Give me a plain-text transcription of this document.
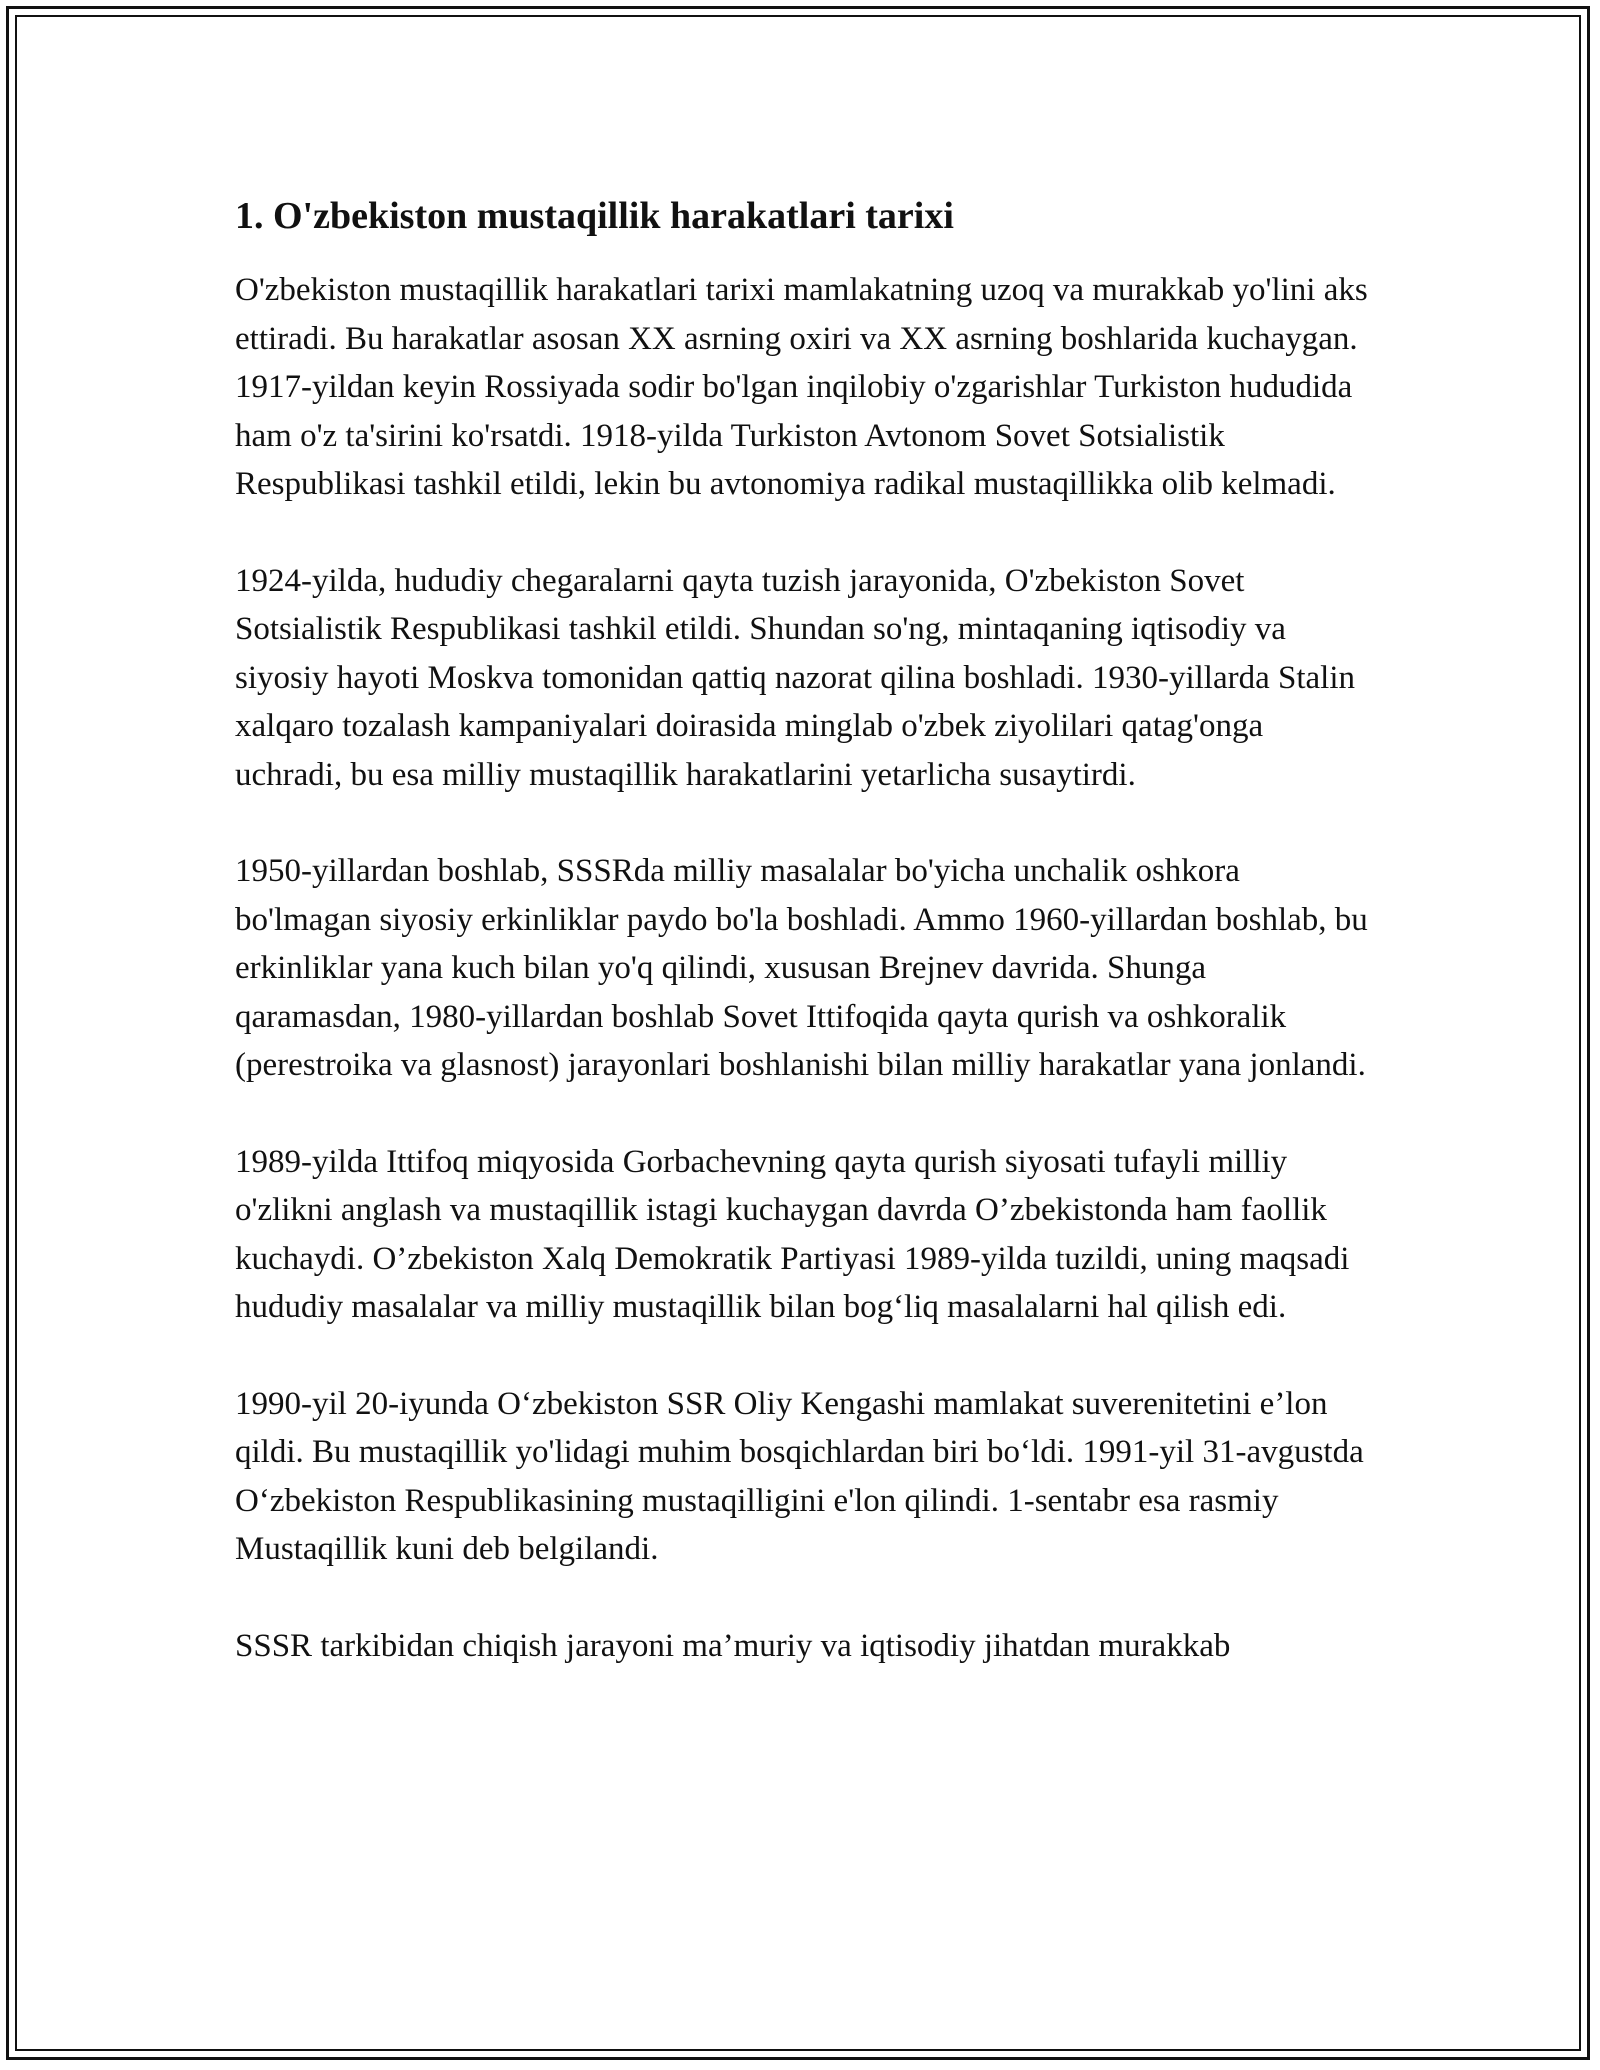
1. O'zbekiston mustaqillik harakatlari tarixi

O'zbekiston mustaqillik harakatlari tarixi mamlakatning uzoq va murakkab yo'lini aks ettiradi. Bu harakatlar asosan XX asrning oxiri va XX asrning boshlarida kuchaygan. 1917-yildan keyin Rossiyada sodir bo'lgan inqilobiy o'zgarishlar Turkiston hududida ham o'z ta'sirini ko'rsatdi. 1918-yilda Turkiston Avtonom Sovet Sotsialistik Respublikasi tashkil etildi, lekin bu avtonomiya radikal mustaqillikka olib kelmadi.

1924-yilda, hududiy chegaralarni qayta tuzish jarayonida, O'zbekiston Sovet Sotsialistik Respublikasi tashkil etildi. Shundan so'ng, mintaqaning iqtisodiy va siyosiy hayoti Moskva tomonidan qattiq nazorat qilina boshladi. 1930-yillarda Stalin xalqaro tozalash kampaniyalari doirasida minglab o'zbek ziyolilari qatag'onga uchradi, bu esa milliy mustaqillik harakatlarini yetarlicha susaytirdi.

1950-yillardan boshlab, SSSRda milliy masalalar bo'yicha unchalik oshkora bo'lmagan siyosiy erkinliklar paydo bo'la boshladi. Ammo 1960-yillardan boshlab, bu erkinliklar yana kuch bilan yo'q qilindi, xususan Brejnev davrida. Shunga qaramasdan, 1980-yillardan boshlab Sovet Ittifoqida qayta qurish va oshkoralik (perestroika va glasnost) jarayonlari boshlanishi bilan milliy harakatlar yana jonlandi.

1989-yilda Ittifoq miqyosida Gorbachevning qayta qurish siyosati tufayli milliy o'zlikni anglash va mustaqillik istagi kuchaygan davrda O’zbekistonda ham faollik kuchaydi. O’zbekiston Xalq Demokratik Partiyasi 1989-yilda tuzildi, uning maqsadi hududiy masalalar va milliy mustaqillik bilan bog‘liq masalalarni hal qilish edi.

1990-yil 20-iyunda O‘zbekiston SSR Oliy Kengashi mamlakat suverenitetini e’lon qildi. Bu mustaqillik yo'lidagi muhim bosqichlardan biri bo‘ldi. 1991-yil 31-avgustda O‘zbekiston Respublikasining mustaqilligini e'lon qilindi. 1-sentabr esa rasmiy Mustaqillik kuni deb belgilandi.

SSSR tarkibidan chiqish jarayoni ma’muriy va iqtisodiy jihatdan murakkab
